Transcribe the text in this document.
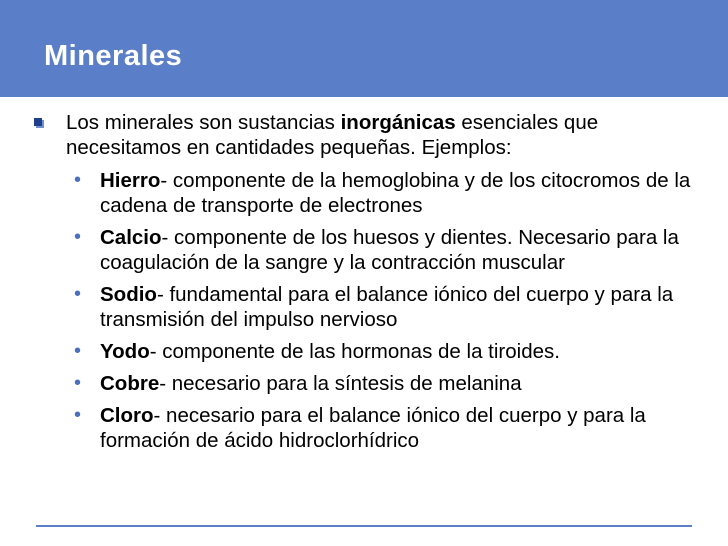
Minerales

Los minerales son sustancias inorgánicas esenciales que necesitamos en cantidades pequeñas. Ejemplos:

• Hierro- componente de la hemoglobina y de los citocromos de la cadena de transporte de electrones

• Calcio- componente de los huesos y dientes. Necesario para la coagulación de la sangre y la contracción muscular

• Sodio- fundamental para el balance iónico del cuerpo y para la transmisión del impulso nervioso

• Yodo- componente de las hormonas de la tiroides.

• Cobre- necesario para la síntesis de melanina

• Cloro- necesario para el balance iónico del cuerpo y para la formación de ácido hidroclorhídrico
